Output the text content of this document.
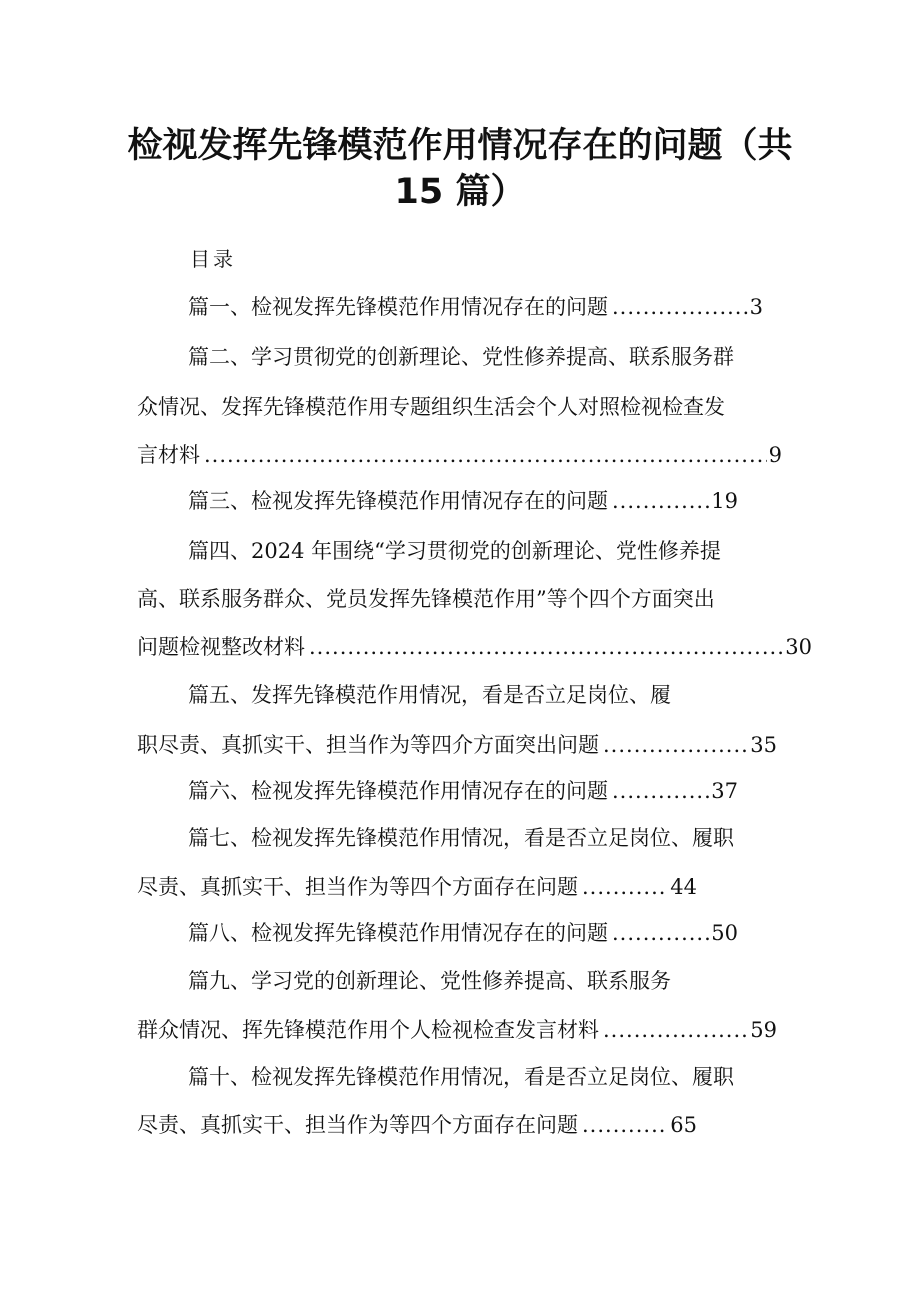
检视发挥先锋模范作用情况存在的问题（共
15 篇）
目录
篇一、检视发挥先锋模范作用情况存在的问题 .....	3
篇二、学习贯彻党的创新理论、党性修养提高、联系服务群
众情况、发挥先锋模范作用专题组织生活会个人对照检视检查发
言材料 .....	9
篇三、检视发挥先锋模范作用情况存在的问题 .....	19
篇四、2024 年围绕“学习贯彻党的创新理论、党性修养提
高、联系服务群众、党员发挥先锋模范作用”等个四个方面突出
问题检视整改材料 .....	30
篇五、发挥先锋模范作用情况，看是否立足岗位、履
职尽责、真抓实干、担当作为等四介方面突出问题 .....	35
篇六、检视发挥先锋模范作用情况存在的问题 .....	37
篇七、检视发挥先锋模范作用情况，看是否立足岗位、履职
尽责、真抓实干、担当作为等四个方面存在问题 .....	44
篇八、检视发挥先锋模范作用情况存在的问题 .....	50
篇九、学习党的创新理论、党性修养提高、联系服务
群众情况、挥先锋模范作用个人检视检查发言材料 .....	59
篇十、检视发挥先锋模范作用情况，看是否立足岗位、履职
尽责、真抓实干、担当作为等四个方面存在问题 .....	65
